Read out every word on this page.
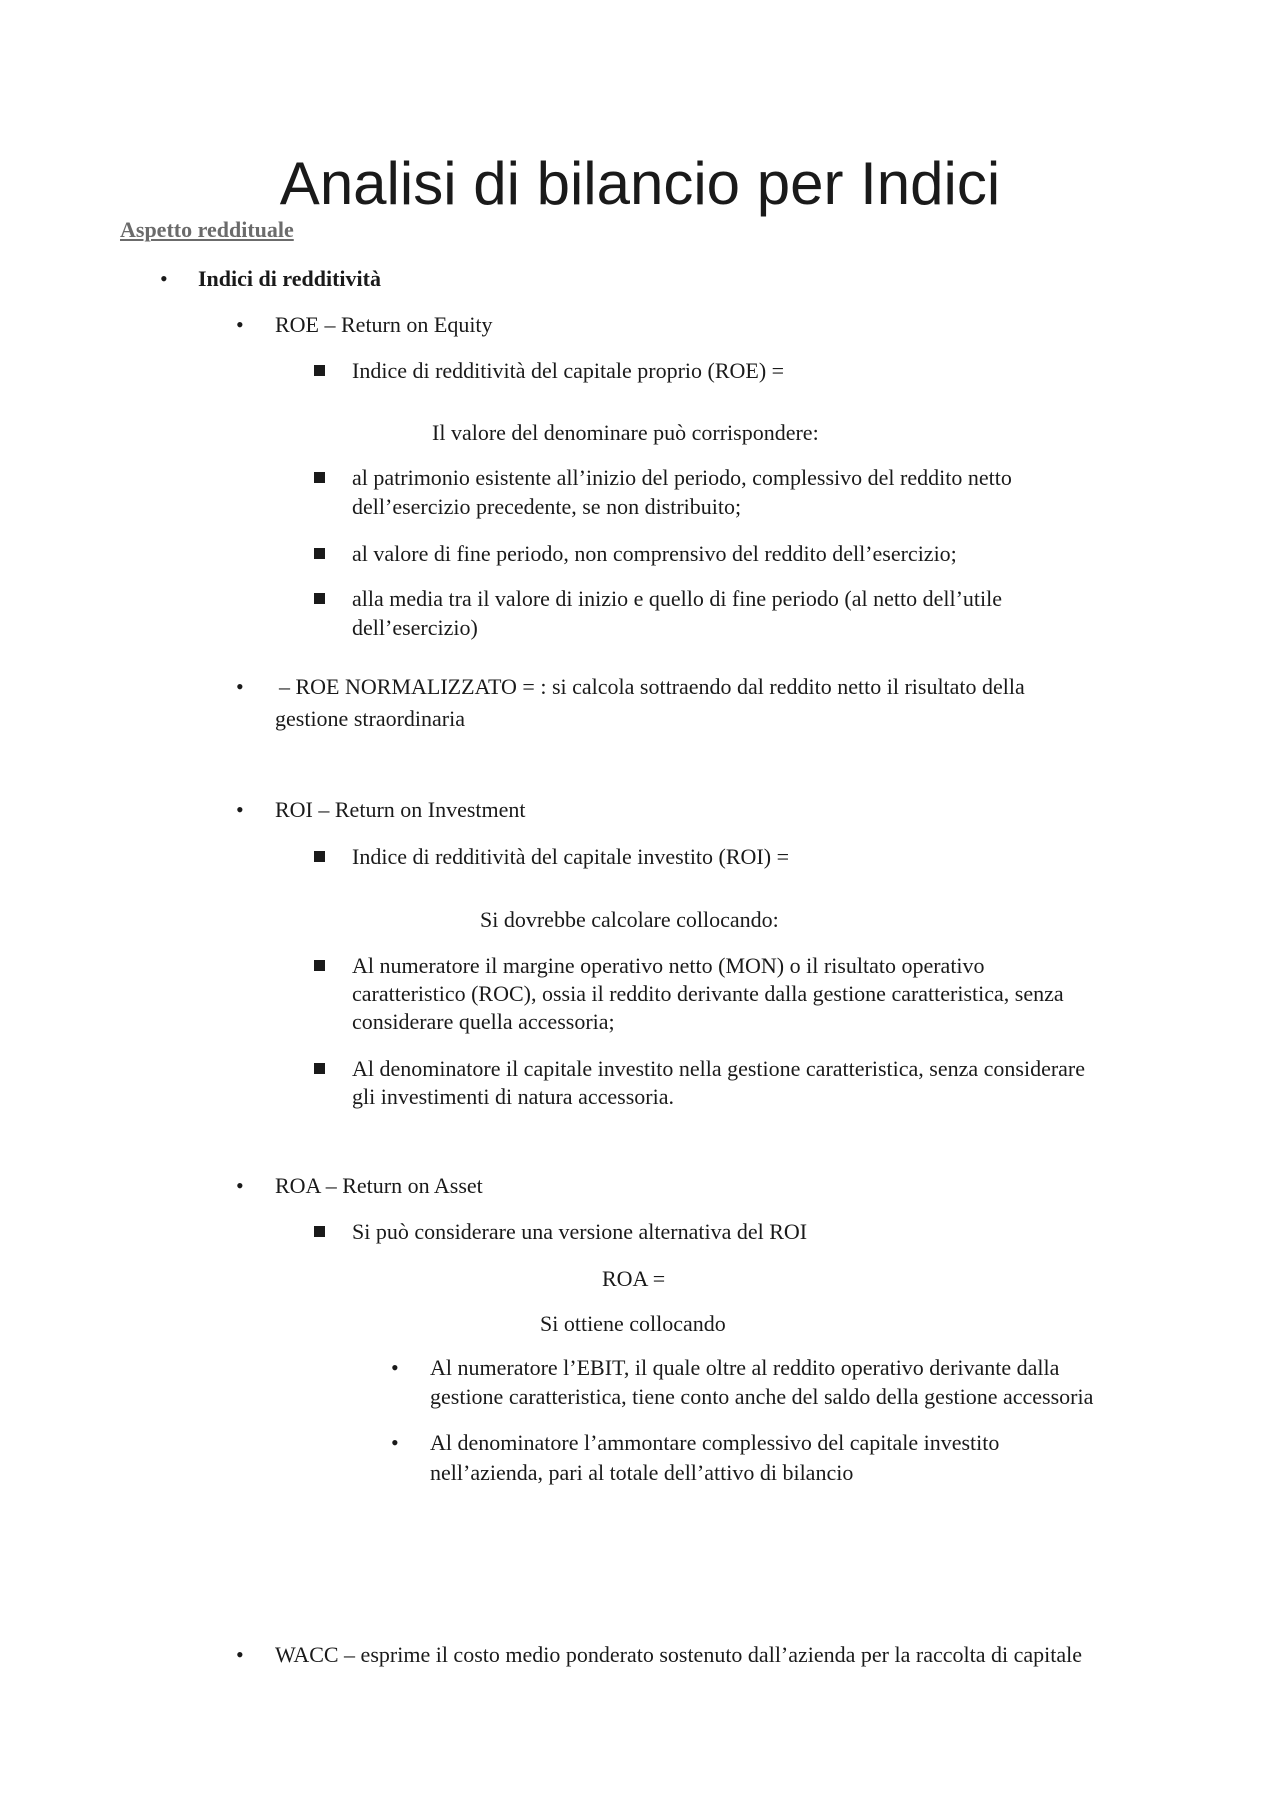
Analisi di bilancio per Indici
Aspetto reddituale
• Indici di redditività
• ROE – Return on Equity
Indice di redditività del capitale proprio (ROE) =
Il valore del denominare può corrispondere:
al patrimonio esistente all’inizio del periodo, complessivo del reddito netto
dell’esercizio precedente, se non distribuito;
al valore di fine periodo, non comprensivo del reddito dell’esercizio;
alla media tra il valore di inizio e quello di fine periodo (al netto dell’utile
dell’esercizio)
• – ROE NORMALIZZATO = : si calcola sottraendo dal reddito netto il risultato della
gestione straordinaria
• ROI – Return on Investment
Indice di redditività del capitale investito (ROI) =
Si dovrebbe calcolare collocando:
Al numeratore il margine operativo netto (MON) o il risultato operativo
caratteristico (ROC), ossia il reddito derivante dalla gestione caratteristica, senza
considerare quella accessoria;
Al denominatore il capitale investito nella gestione caratteristica, senza considerare
gli investimenti di natura accessoria.
• ROA – Return on Asset
Si può considerare una versione alternativa del ROI
ROA =
Si ottiene collocando
• Al numeratore l’EBIT, il quale oltre al reddito operativo derivante dalla
gestione caratteristica, tiene conto anche del saldo della gestione accessoria
• Al denominatore l’ammontare complessivo del capitale investito
nell’azienda, pari al totale dell’attivo di bilancio
• WACC – esprime il costo medio ponderato sostenuto dall’azienda per la raccolta di capitale
